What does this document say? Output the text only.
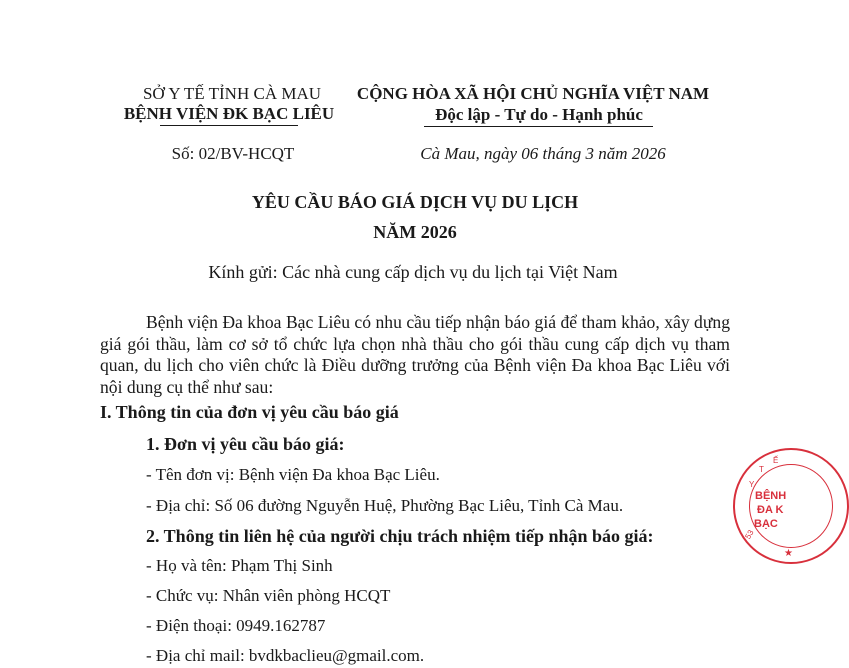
SỞ Y TẾ TỈNH CÀ MAU
BỆNH VIỆN ĐK BẠC LIÊU
Số: 02/BV-HCQT
CỘNG HÒA XÃ HỘI CHỦ NGHĨA VIỆT NAM
Độc lập - Tự do - Hạnh phúc
Cà Mau, ngày 06 tháng 3 năm 2026
YÊU CẦU BÁO GIÁ DỊCH VỤ DU LỊCH
NĂM 2026
Kính gửi: Các nhà cung cấp dịch vụ du lịch tại Việt Nam

Bệnh viện Đa khoa Bạc Liêu có nhu cầu tiếp nhận báo giá để tham khảo, xây dựng giá gói thầu, làm cơ sở tổ chức lựa chọn nhà thầu cho gói thầu cung cấp dịch vụ tham quan, du lịch cho viên chức là Điều dưỡng trưởng của Bệnh viện Đa khoa Bạc Liêu với nội dung cụ thể như sau:

I. Thông tin của đơn vị yêu cầu báo giá
1. Đơn vị yêu cầu báo giá:
- Tên đơn vị: Bệnh viện Đa khoa Bạc Liêu.
- Địa chỉ: Số 06 đường Nguyễn Huệ, Phường Bạc Liêu, Tỉnh Cà Mau.
2. Thông tin liên hệ của người chịu trách nhiệm tiếp nhận báo giá:
- Họ và tên: Phạm Thị Sinh
- Chức vụ: Nhân viên phòng HCQT
- Điện thoại: 0949.162787
- Địa chỉ mail: bvdkbaclieu@gmail.com.
Y
T
Ế
BỆNH
ĐA K
BẠC
53
★
